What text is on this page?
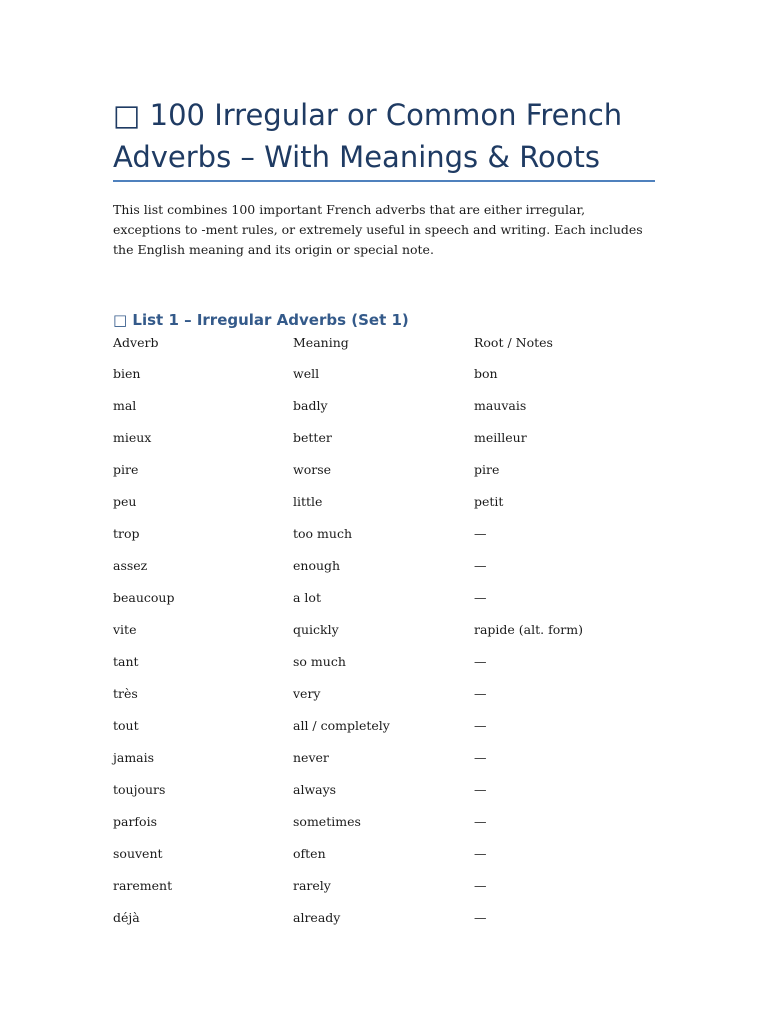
□ 100 Irregular or Common French Adverbs – With Meanings & Roots

This list combines 100 important French adverbs that are either irregular, exceptions to -ment rules, or extremely useful in speech and writing. Each includes the English meaning and its origin or special note.

□ List 1 – Irregular Adverbs (Set 1)
Adverb	Meaning	Root / Notes
bien	well	bon
mal	badly	mauvais
mieux	better	meilleur
pire	worse	pire
peu	little	petit
trop	too much	—
assez	enough	—
beaucoup	a lot	—
vite	quickly	rapide (alt. form)
tant	so much	—
très	very	—
tout	all / completely	—
jamais	never	—
toujours	always	—
parfois	sometimes	—
souvent	often	—
rarement	rarely	—
déjà	already	—
